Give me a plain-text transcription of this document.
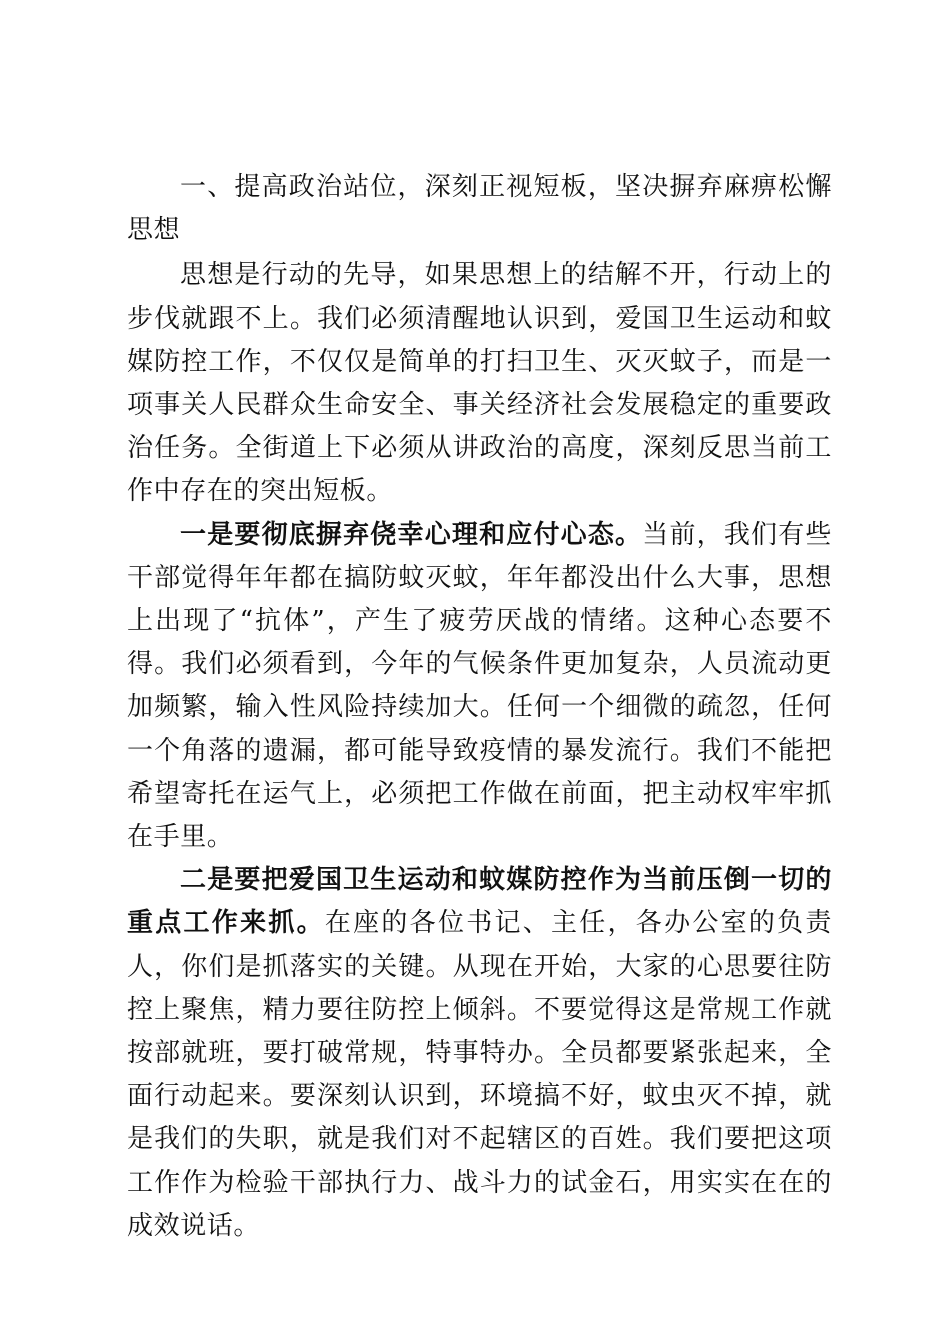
一、提高政治站位，深刻正视短板，坚决摒弃麻痹松懈思想

思想是行动的先导，如果思想上的结解不开，行动上的步伐就跟不上。我们必须清醒地认识到，爱国卫生运动和蚊媒防控工作，不仅仅是简单的打扫卫生、灭灭蚊子，而是一项事关人民群众生命安全、事关经济社会发展稳定的重要政治任务。全街道上下必须从讲政治的高度，深刻反思当前工作中存在的突出短板。

一是要彻底摒弃侥幸心理和应付心态。当前，我们有些干部觉得年年都在搞防蚊灭蚊，年年都没出什么大事，思想上出现了“抗体”，产生了疲劳厌战的情绪。这种心态要不得。我们必须看到，今年的气候条件更加复杂，人员流动更加频繁，输入性风险持续加大。任何一个细微的疏忽，任何一个角落的遗漏，都可能导致疫情的暴发流行。我们不能把希望寄托在运气上，必须把工作做在前面，把主动权牢牢抓在手里。

二是要把爱国卫生运动和蚊媒防控作为当前压倒一切的重点工作来抓。在座的各位书记、主任，各办公室的负责人，你们是抓落实的关键。从现在开始，大家的心思要往防控上聚焦，精力要往防控上倾斜。不要觉得这是常规工作就按部就班，要打破常规，特事特办。全员都要紧张起来，全面行动起来。要深刻认识到，环境搞不好，蚊虫灭不掉，就是我们的失职，就是我们对不起辖区的百姓。我们要把这项工作作为检验干部执行力、战斗力的试金石，用实实在在的成效说话。
